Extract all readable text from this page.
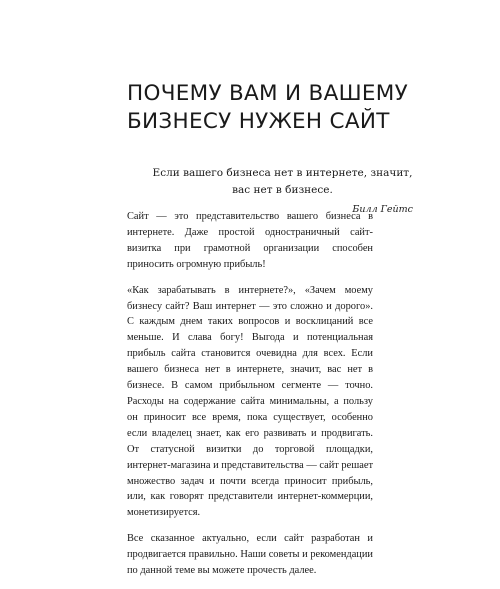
ПОЧЕМУ ВАМ И ВАШЕМУ БИЗНЕСУ НУЖЕН САЙТ

Если вашего бизнеса нет в интернете, значит, вас нет в бизнесе.

Билл Гейтс

Сайт — это представительство вашего бизнеса в интернете. Даже простой одностраничный сайт-визитка при грамотной организации способен приносить огромную прибыль!

«Как зарабатывать в интернете?», «Зачем моему бизнесу сайт? Ваш интернет — это сложно и дорого». С каждым днем таких вопросов и восклицаний все меньше. И слава богу! Выгода и потенциальная прибыль сайта становится очевидна для всех. Если вашего бизнеса нет в интернете, значит, вас нет в бизнесе. В самом прибыльном сегменте — точно. Расходы на содержание сайта минимальны, а пользу он приносит все время, пока существует, особенно если владелец знает, как его развивать и продвигать. От статусной визитки до торговой площадки, интернет-магазина и представительства — сайт решает множество задач и почти всегда приносит прибыль, или, как говорят представители интернет-коммерции, монетизируется.

Все сказанное актуально, если сайт разработан и продвигается правильно. Наши советы и рекомендации по данной теме вы можете прочесть далее.
